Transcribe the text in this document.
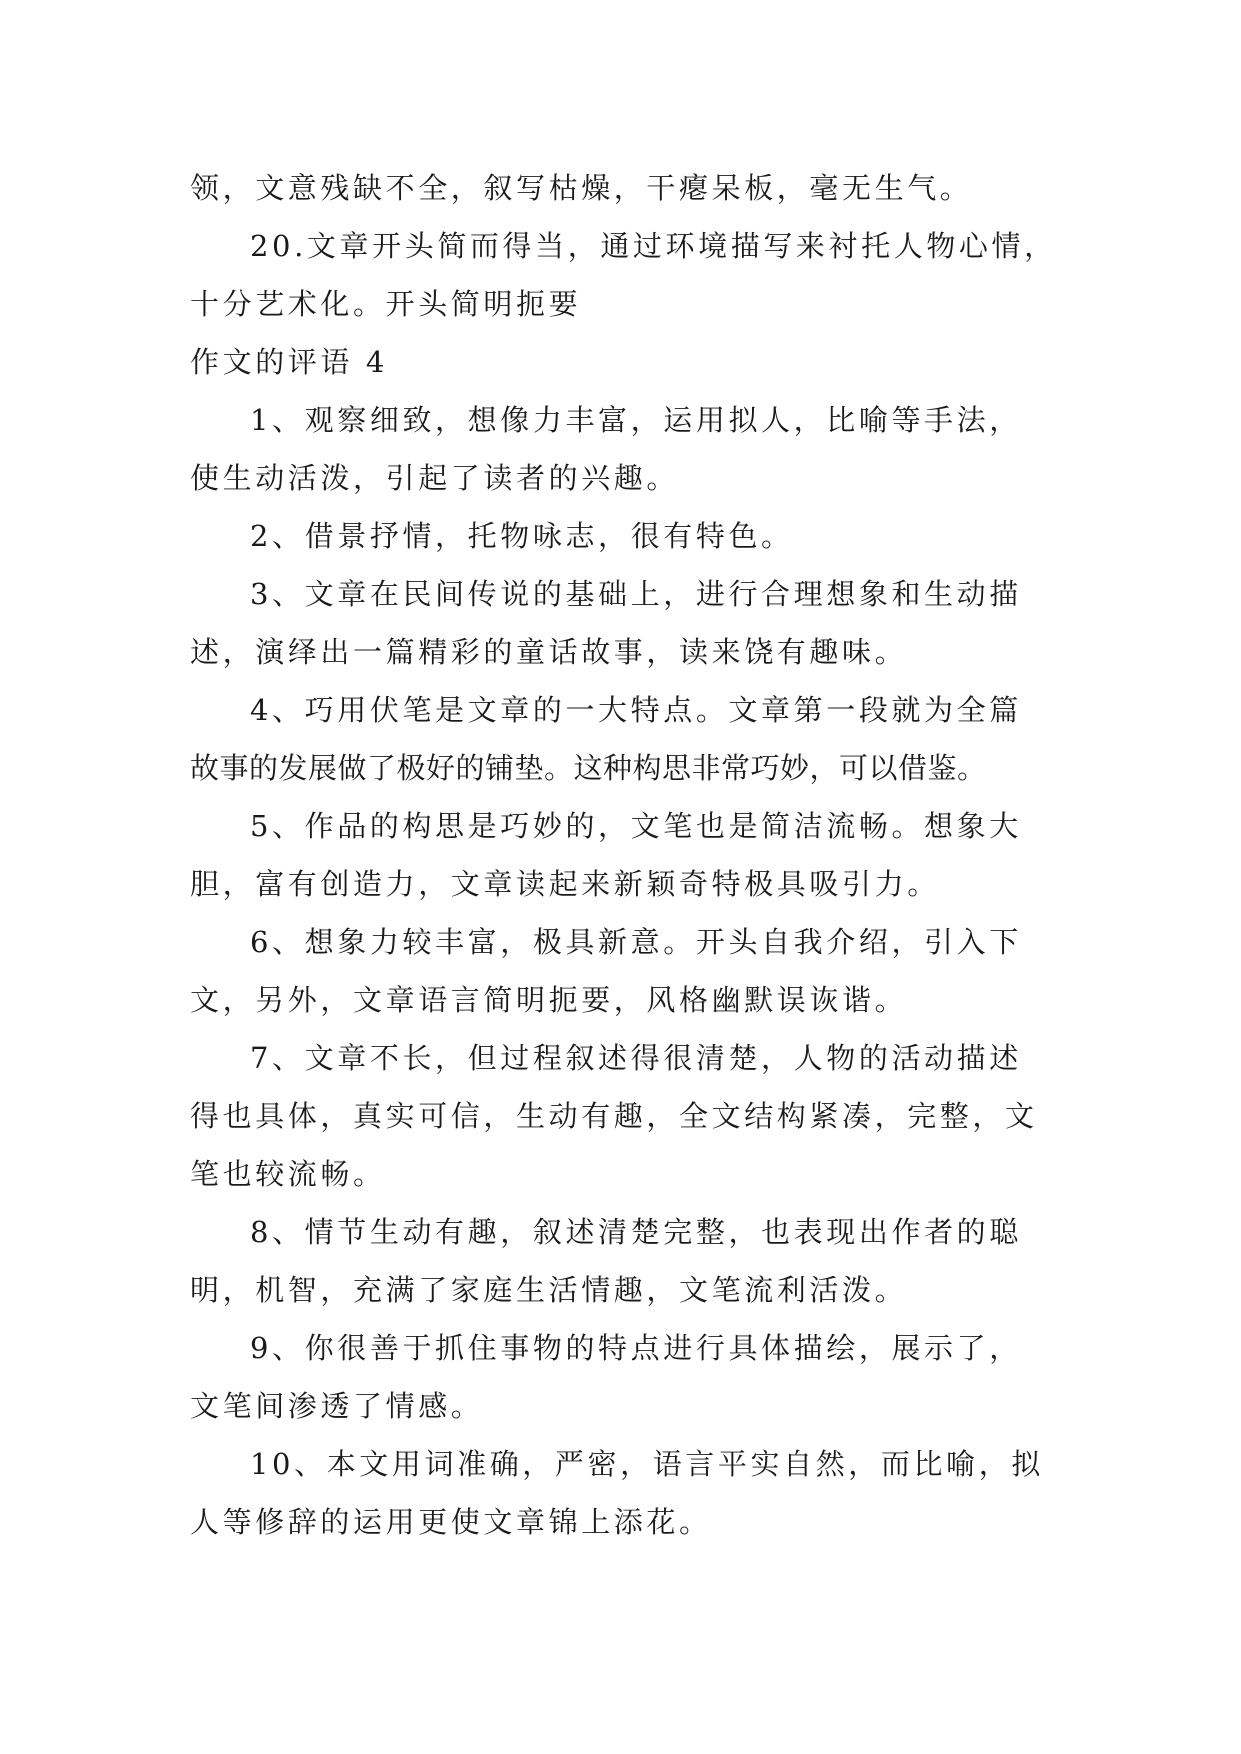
领，文意残缺不全，叙写枯燥，干瘪呆板，毫无生气。
20.文章开头简而得当，通过环境描写来衬托人物心情，
十分艺术化。开头简明扼要
作文的评语 4
1、观察细致，想像力丰富，运用拟人，比喻等手法，
使生动活泼，引起了读者的兴趣。
2、借景抒情，托物咏志，很有特色。
3、文章在民间传说的基础上，进行合理想象和生动描
述，演绎出一篇精彩的童话故事，读来饶有趣味。
4、巧用伏笔是文章的一大特点。文章第一段就为全篇
故事的发展做了极好的铺垫。这种构思非常巧妙，可以借鉴。
5、作品的构思是巧妙的，文笔也是简洁流畅。想象大
胆，富有创造力，文章读起来新颖奇特极具吸引力。
6、想象力较丰富，极具新意。开头自我介绍，引入下
文，另外，文章语言简明扼要，风格幽默误诙谐。
7、文章不长，但过程叙述得很清楚，人物的活动描述
得也具体，真实可信，生动有趣，全文结构紧凑，完整，文
笔也较流畅。
8、情节生动有趣，叙述清楚完整，也表现出作者的聪
明，机智，充满了家庭生活情趣，文笔流利活泼。
9、你很善于抓住事物的特点进行具体描绘，展示了，
文笔间渗透了情感。
10、本文用词准确，严密，语言平实自然，而比喻，拟
人等修辞的运用更使文章锦上添花。
